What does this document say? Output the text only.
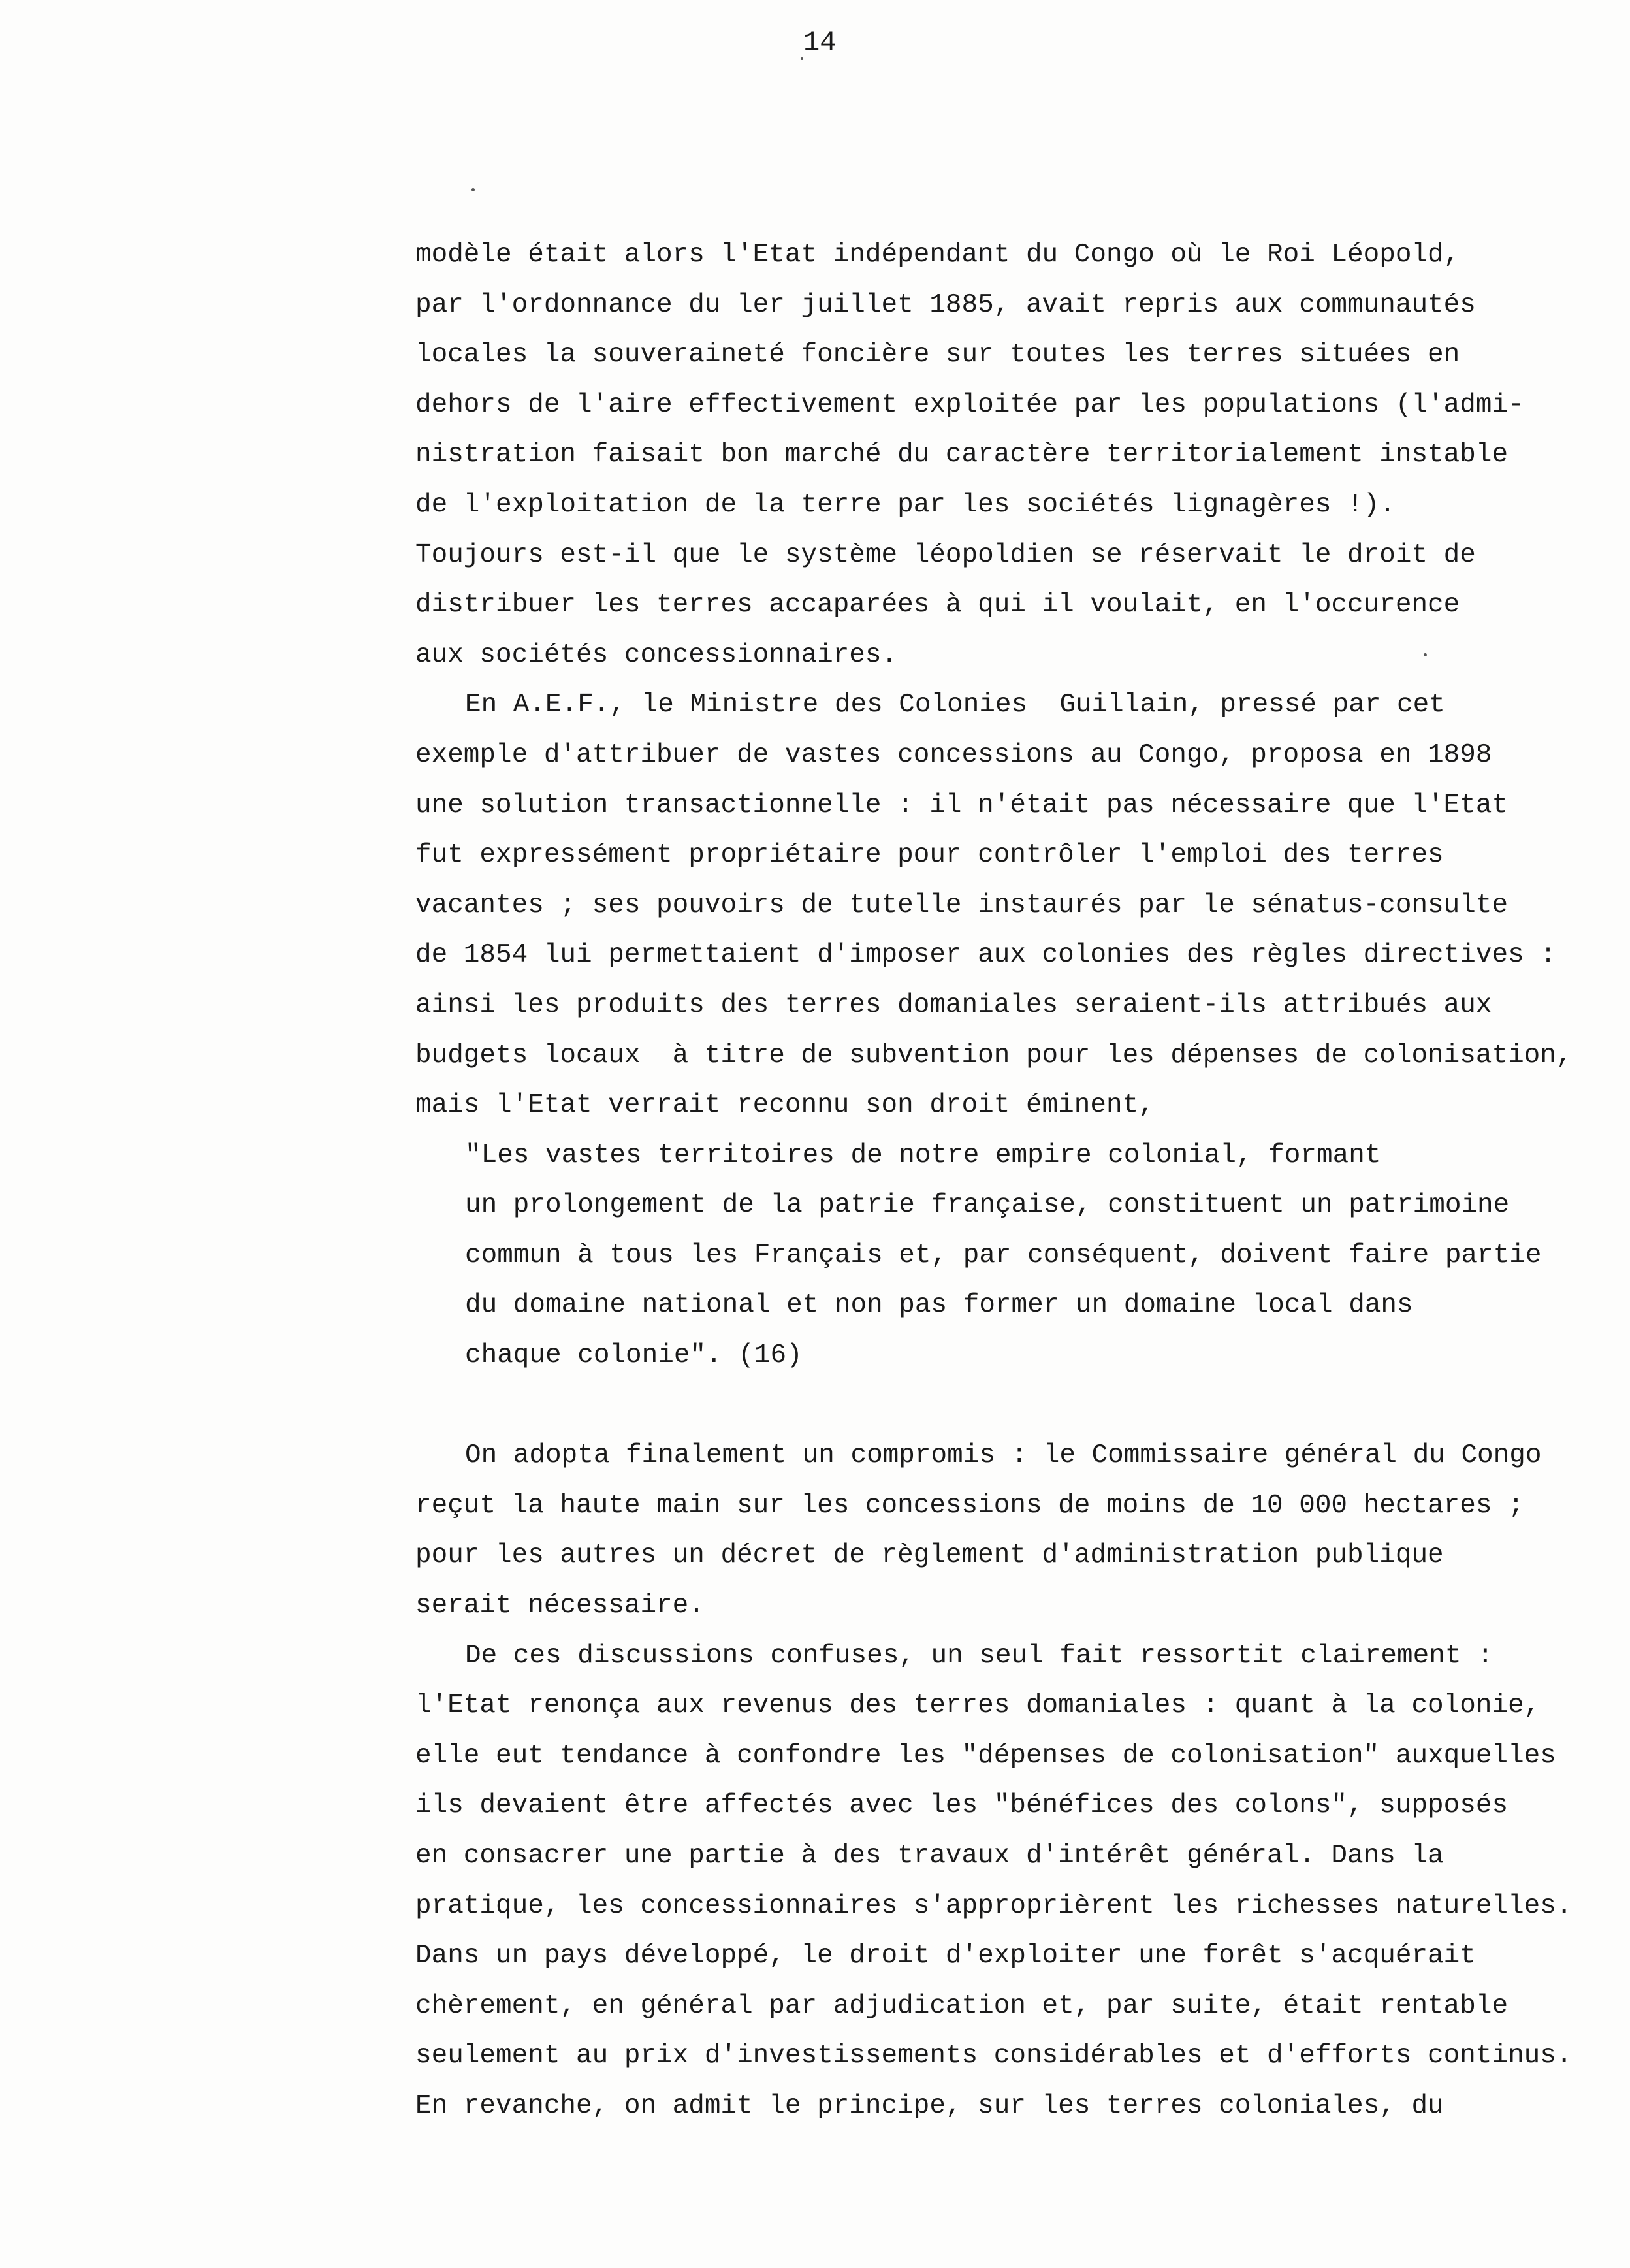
14
modèle était alors l'Etat indépendant du Congo où le Roi Léopold,
par l'ordonnance du ler juillet 1885, avait repris aux communautés
locales la souveraineté foncière sur toutes les terres situées en
dehors de l'aire effectivement exploitée par les populations (l'admi-
nistration faisait bon marché du caractère territorialement instable
de l'exploitation de la terre par les sociétés lignagères !).
Toujours est-il que le système léopoldien se réservait le droit de
distribuer les terres accaparées à qui il voulait, en l'occurence
aux sociétés concessionnaires.
En A.E.F., le Ministre des Colonies  Guillain, pressé par cet
exemple d'attribuer de vastes concessions au Congo, proposa en 1898
une solution transactionnelle : il n'était pas nécessaire que l'Etat
fut expressément propriétaire pour contrôler l'emploi des terres
vacantes ; ses pouvoirs de tutelle instaurés par le sénatus-consulte
de 1854 lui permettaient d'imposer aux colonies des règles directives :
ainsi les produits des terres domaniales seraient-ils attribués aux
budgets locaux  à titre de subvention pour les dépenses de colonisation,
mais l'Etat verrait reconnu son droit éminent,
"Les vastes territoires de notre empire colonial, formant
un prolongement de la patrie française, constituent un patrimoine
commun à tous les Français et, par conséquent, doivent faire partie
du domaine national et non pas former un domaine local dans
chaque colonie". (16)
On adopta finalement un compromis : le Commissaire général du Congo
reçut la haute main sur les concessions de moins de 10 000 hectares ;
pour les autres un décret de règlement d'administration publique
serait nécessaire.
De ces discussions confuses, un seul fait ressortit clairement :
l'Etat renonça aux revenus des terres domaniales : quant à la colonie,
elle eut tendance à confondre les "dépenses de colonisation" auxquelles
ils devaient être affectés avec les "bénéfices des colons", supposés
en consacrer une partie à des travaux d'intérêt général. Dans la
pratique, les concessionnaires s'approprièrent les richesses naturelles.
Dans un pays développé, le droit d'exploiter une forêt s'acquérait
chèrement, en général par adjudication et, par suite, était rentable
seulement au prix d'investissements considérables et d'efforts continus.
En revanche, on admit le principe, sur les terres coloniales, du
